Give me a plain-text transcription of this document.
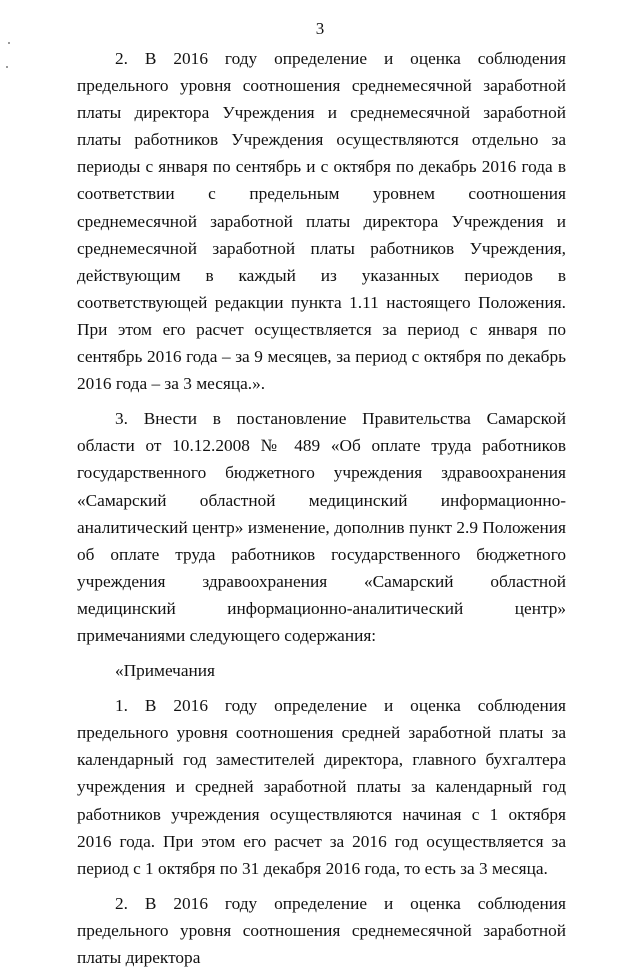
3

2. В 2016 году определение и оценка соблюдения предельного уровня соотношения среднемесячной заработной платы директора Учреждения и среднемесячной заработной платы работников Учреждения осуществляются отдельно за периоды с января по сентябрь и с октября по декабрь 2016 года в соответствии с предельным уровнем соотношения среднемесячной заработной платы директора Учреждения и среднемесячной заработной платы работников Учреждения, действующим в каждый из указанных периодов в соответствующей редакции пункта 1.11 настоящего Положения. При этом его расчет осуществляется за период с января по сентябрь 2016 года – за 9 месяцев, за период с октября по декабрь 2016 года – за 3 месяца.».

3. Внести в постановление Правительства Самарской области от 10.12.2008 № 489 «Об оплате труда работников государственного бюджетного учреждения здравоохранения «Самарский областной медицинский информационно-аналитический центр» изменение, дополнив пункт 2.9 Положения об оплате труда работников государственного бюджетного учреждения здравоохранения «Самарский областной медицинский информационно-аналитический центр» примечаниями следующего содержания:

«Примечания

1. В 2016 году определение и оценка соблюдения предельного уровня соотношения средней заработной платы за календарный год заместителей директора, главного бухгалтера учреждения и средней заработной платы за календарный год работников учреждения осуществляются начиная с 1 октября 2016 года. При этом его расчет за 2016 год осуществляется за период с 1 октября по 31 декабря 2016 года, то есть за 3 месяца.

2. В 2016 году определение и оценка соблюдения предельного уровня соотношения среднемесячной заработной платы директора
